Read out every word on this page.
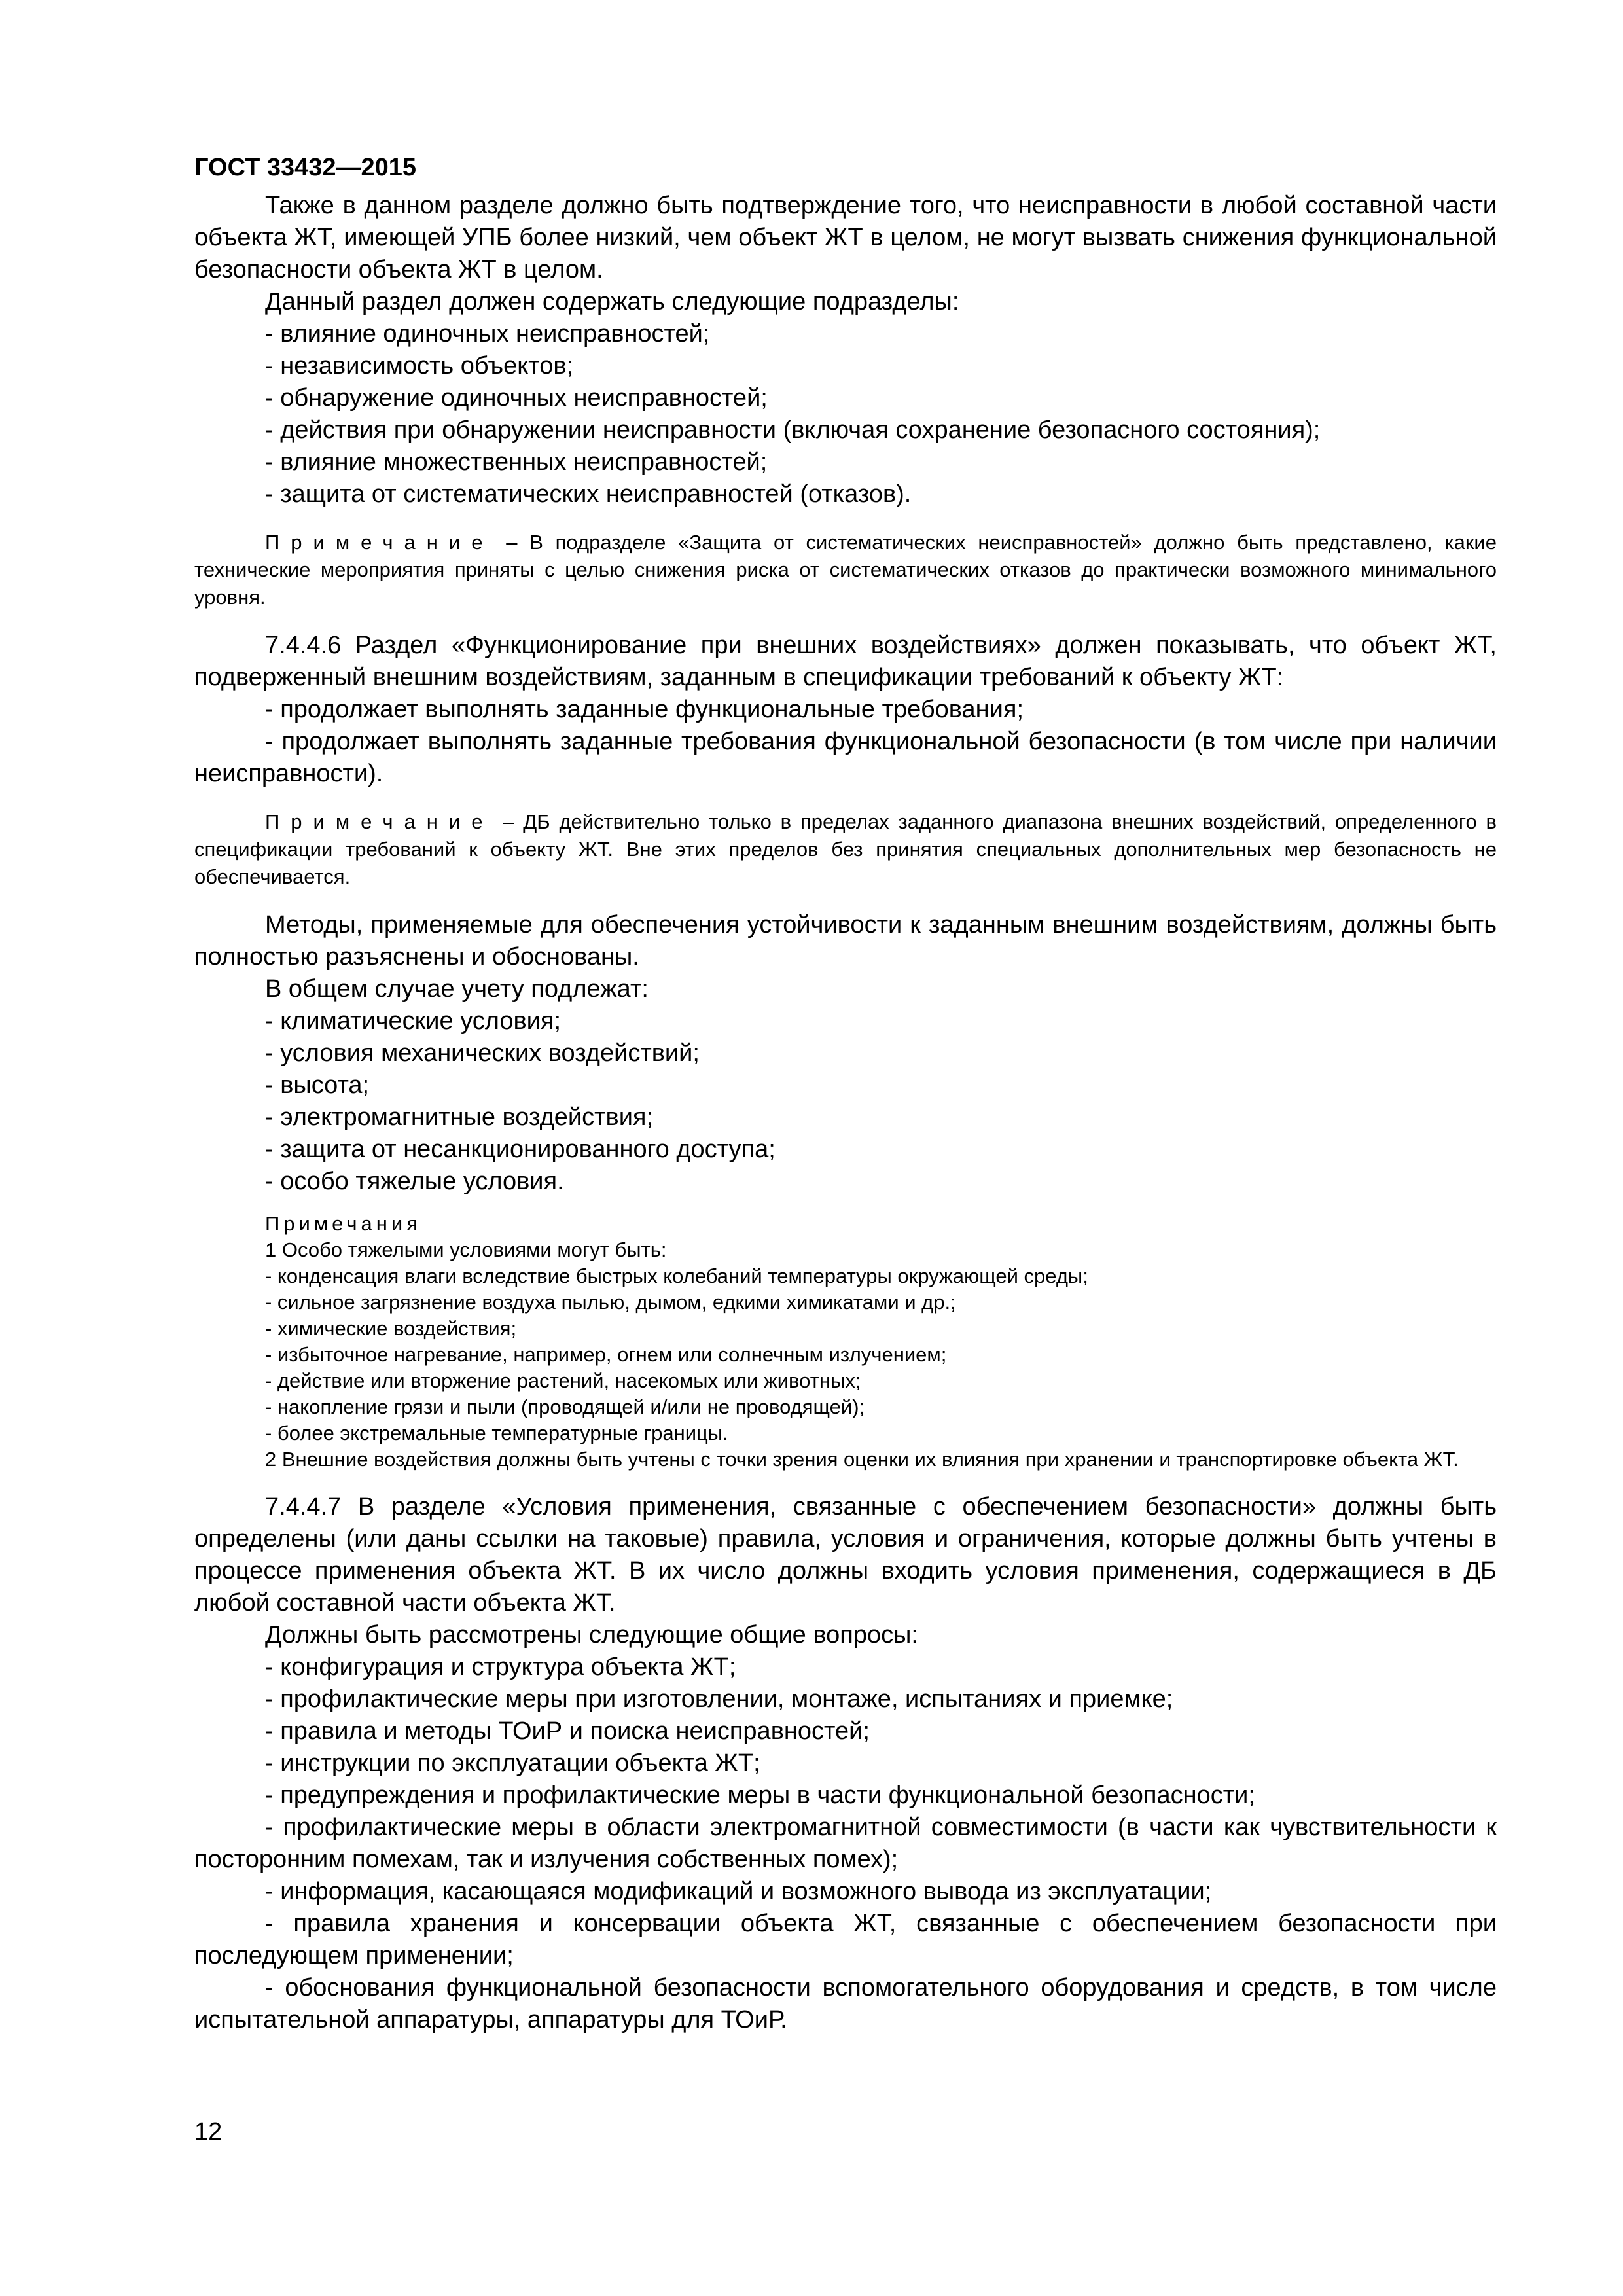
ГОСТ 33432—2015

Также в данном разделе должно быть подтверждение того, что неисправности в любой составной части объекта ЖТ, имеющей УПБ более низкий, чем объект ЖТ в целом, не могут вызвать снижения функциональной безопасности объекта ЖТ в целом.

Данный раздел должен содержать следующие подразделы:

- влияние одиночных неисправностей;

- независимость объектов;

- обнаружение одиночных неисправностей;

- действия при обнаружении неисправности (включая сохранение безопасного состояния);

- влияние множественных неисправностей;

- защита от систематических неисправностей (отказов).

Примечание – В подразделе «Защита от систематических неисправностей» должно быть представлено, какие технические мероприятия приняты с целью снижения риска от систематических отказов до практически возможного минимального уровня.

7.4.4.6 Раздел «Функционирование при внешних воздействиях» должен показывать, что объект ЖТ, подверженный внешним воздействиям, заданным в спецификации требований к объекту ЖТ:

- продолжает выполнять заданные функциональные требования;

- продолжает выполнять заданные требования функциональной безопасности (в том числе при наличии неисправности).

Примечание – ДБ действительно только в пределах заданного диапазона внешних воздействий, определенного в спецификации требований к объекту ЖТ. Вне этих пределов без принятия специальных дополнительных мер безопасность не обеспечивается.

Методы, применяемые для обеспечения устойчивости к заданным внешним воздействиям, должны быть полностью разъяснены и обоснованы.

В общем случае учету подлежат:

- климатические условия;

- условия механических воздействий;

- высота;

- электромагнитные воздействия;

- защита от несанкционированного доступа;

- особо тяжелые условия.

Примечания

1 Особо тяжелыми условиями могут быть:

- конденсация влаги вследствие быстрых колебаний температуры окружающей среды;

- сильное загрязнение воздуха пылью, дымом, едкими химикатами и др.;

- химические воздействия;

- избыточное нагревание, например, огнем или солнечным излучением;

- действие или вторжение растений, насекомых или животных;

- накопление грязи и пыли (проводящей и/или не проводящей);

- более экстремальные температурные границы.

2 Внешние воздействия должны быть учтены с точки зрения оценки их влияния при хранении и транспортировке объекта ЖТ.

7.4.4.7 В разделе «Условия применения, связанные с обеспечением безопасности» должны быть определены (или даны ссылки на таковые) правила, условия и ограничения, которые должны быть учтены в процессе применения объекта ЖТ. В их число должны входить условия применения, содержащиеся в ДБ любой составной части объекта ЖТ.

Должны быть рассмотрены следующие общие вопросы:

- конфигурация и структура объекта ЖТ;

- профилактические меры при изготовлении, монтаже, испытаниях и приемке;

- правила и методы ТОиР и поиска неисправностей;

- инструкции по эксплуатации объекта ЖТ;

- предупреждения и профилактические меры в части функциональной безопасности;

- профилактические меры в области электромагнитной совместимости (в части как чувствительности к посторонним помехам, так и излучения собственных помех);

- информация, касающаяся модификаций и возможного вывода из эксплуатации;

- правила хранения и консервации объекта ЖТ, связанные с обеспечением безопасности при последующем применении;

- обоснования функциональной безопасности вспомогательного оборудования и средств, в том числе испытательной аппаратуры, аппаратуры для ТОиР.

12
